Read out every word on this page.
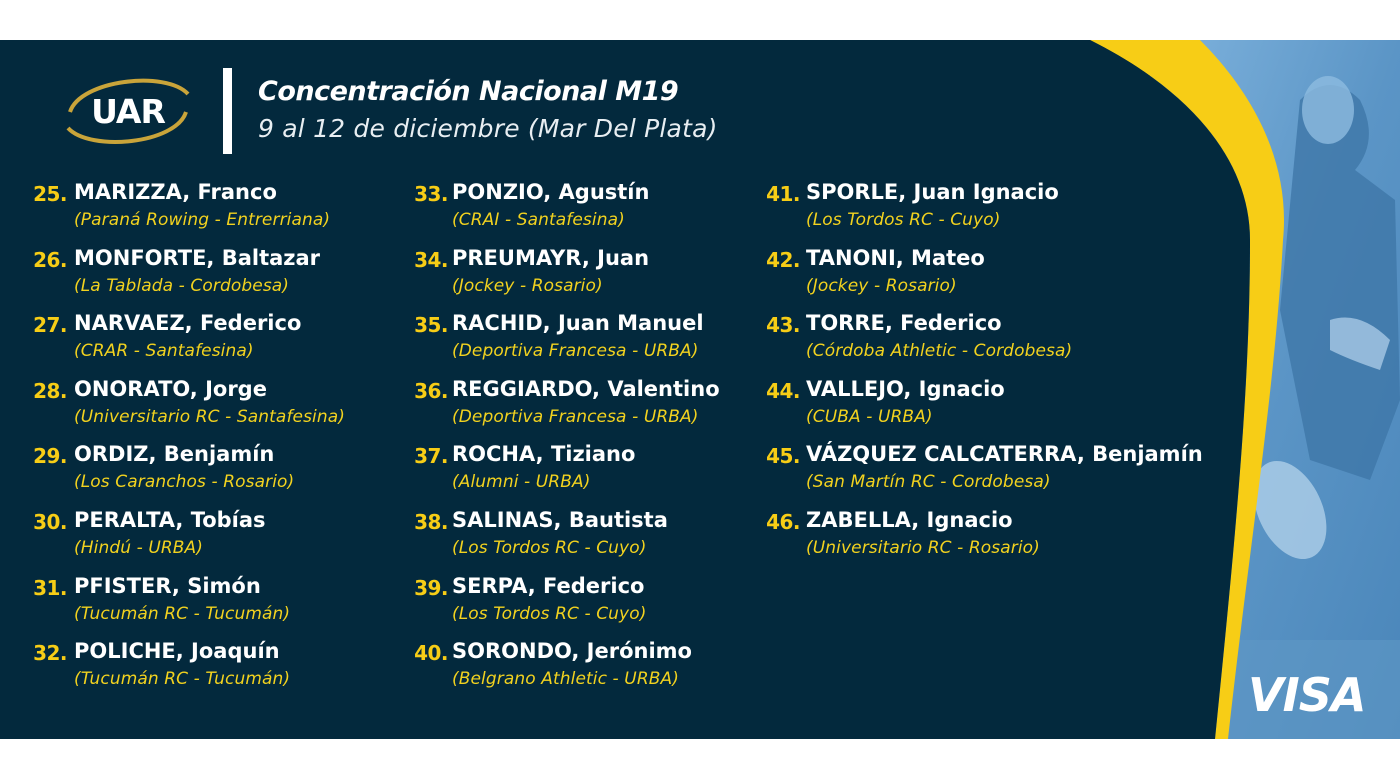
UAR	Concentración Nacional M19
9 al 12 de diciembre (Mar Del Plata)
25. MARIZZA, Franco
(Paraná Rowing - Entrerriana)
26. MONFORTE, Baltazar
(La Tablada - Cordobesa)
27. NARVAEZ, Federico
(CRAR - Santafesina)
28. ONORATO, Jorge
(Universitario RC - Santafesina)
29. ORDIZ, Benjamín
(Los Caranchos - Rosario)
30. PERALTA, Tobías
(Hindú - URBA)
31. PFISTER, Simón
(Tucumán RC - Tucumán)
32. POLICHE, Joaquín
(Tucumán RC - Tucumán)
33. PONZIO, Agustín
(CRAI - Santafesina)
34. PREUMAYR, Juan
(Jockey - Rosario)
35. RACHID, Juan Manuel
(Deportiva Francesa - URBA)
36. REGGIARDO, Valentino
(Deportiva Francesa - URBA)
37. ROCHA, Tiziano
(Alumni - URBA)
38. SALINAS, Bautista
(Los Tordos RC - Cuyo)
39. SERPA, Federico
(Los Tordos RC - Cuyo)
40. SORONDO, Jerónimo
(Belgrano Athletic - URBA)
41. SPORLE, Juan Ignacio
(Los Tordos RC - Cuyo)
42. TANONI, Mateo
(Jockey - Rosario)
43. TORRE, Federico
(Córdoba Athletic - Cordobesa)
44. VALLEJO, Ignacio
(CUBA - URBA)
45. VÁZQUEZ CALCATERRA, Benjamín
(San Martín RC - Cordobesa)
46. ZABELLA, Ignacio
(Universitario RC - Rosario)
VISA
